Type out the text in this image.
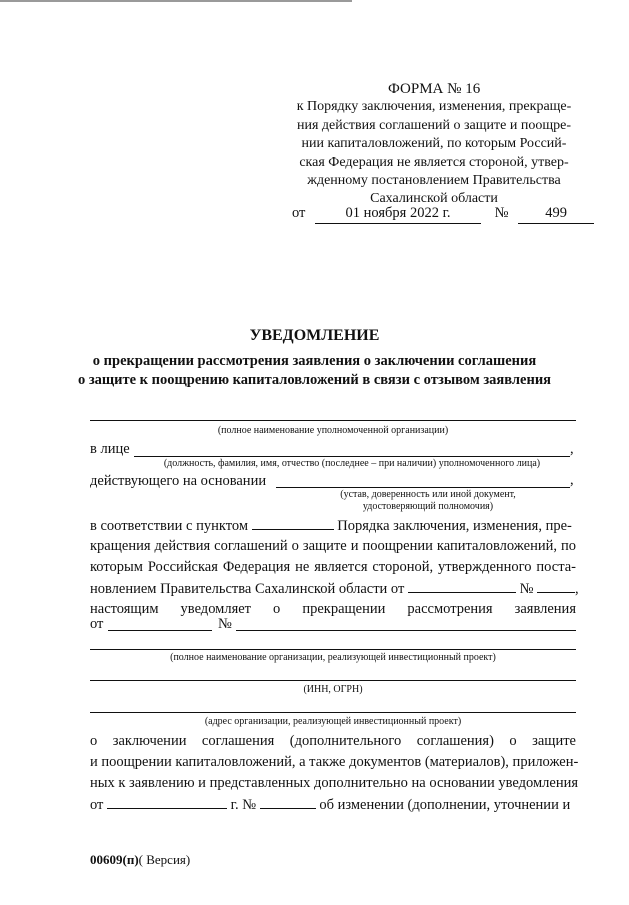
ФОРМА № 16
к Порядку заключения, изменения, прекраще-
ния действия соглашений о защите и поощре-
нии капиталовложений, по которым Россий-
ская Федерация не является стороной, утвер-
жденному постановлением Правительства
Сахалинской области
от	01 ноября 2022 г.	№	499
УВЕДОМЛЕНИЕ
о прекращении рассмотрения заявления о заключении соглашения
о защите к поощрению капиталовложений в связи с отзывом заявления
(полное наименование уполномоченной организации)
в лице	,
(должность, фамилия, имя, отчество (последнее – при наличии) уполномоченного лица)
действующего на основании	,
(устав, доверенность или иной документ, удостоверяющий полномочия)
в соответствии с пунктом	Порядка заключения, изменения, пре-
кращения действия соглашений о защите и поощрении капиталовложений, по
которым Российская Федерация не является стороной, утвержденного поста-
новлением Правительства Сахалинской области от	№	,
настоящим уведомляет о прекращении рассмотрения заявления
от	№
(полное наименование организации, реализующей инвестиционный проект)
(ИНН, ОГРН)
(адрес организации, реализующей инвестиционный проект)
о заключении соглашения (дополнительного соглашения) о защите
и поощрении капиталовложений, а также документов (материалов), приложен-
ных к заявлению и представленных дополнительно на основании уведомления
от	г. №	об изменении (дополнении, уточнении и
00609(п)( Версия)
